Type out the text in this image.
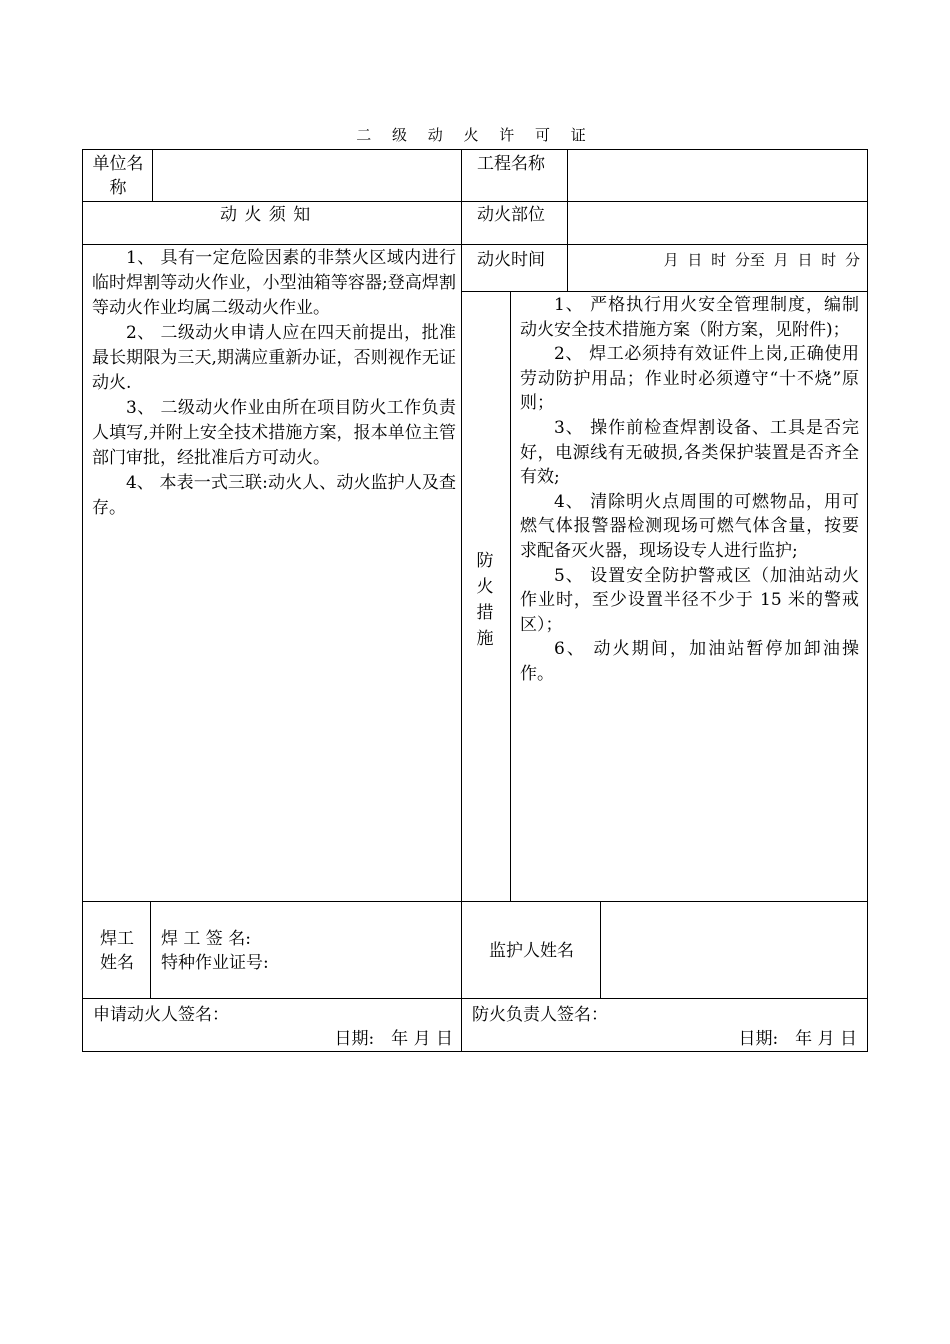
二 级 动 火 许 可 证
单位名称
工程名称
动 火 须 知	动火部位

1、 具有一定危险因素的非禁火区域内进行临时焊割等动火作业，小型油箱等容器;登高焊割等动火作业均属二级动火作业。

2、 二级动火申请人应在四天前提出，批准最长期限为三天,期满应重新办证，否则视作无证动火.

3、 二级动火作业由所在项目防火工作负责人填写,并附上安全技术措施方案，报本单位主管部门审批，经批准后方可动火。

4、 本表一式三联:动火人、动火监护人及查存。

动火时间	月 日 时 分至 月 日 时 分
防火措施

1、 严格执行用火安全管理制度，编制动火安全技术措施方案（附方案，见附件)；

2、 焊工必须持有效证件上岗,正确使用劳动防护用品；作业时必须遵守“十不烧”原则；

3、 操作前检查焊割设备、工具是否完好，电源线有无破损,各类保护装置是否齐全有效;

4、 清除明火点周围的可燃物品，用可燃气体报警器检测现场可燃气体含量，按要求配备灭火器，现场设专人进行监护;

5、 设置安全防护警戒区（加油站动火作业时，至少设置半径不少于 15 米的警戒区）；

6、 动火期间，加油站暂停加卸油操作。

焊工姓名
焊 工 签 名:
特种作业证号:
监护人姓名
申请动火人签名：
日期:　年 月 日
防火负责人签名：
日期:　年 月 日
